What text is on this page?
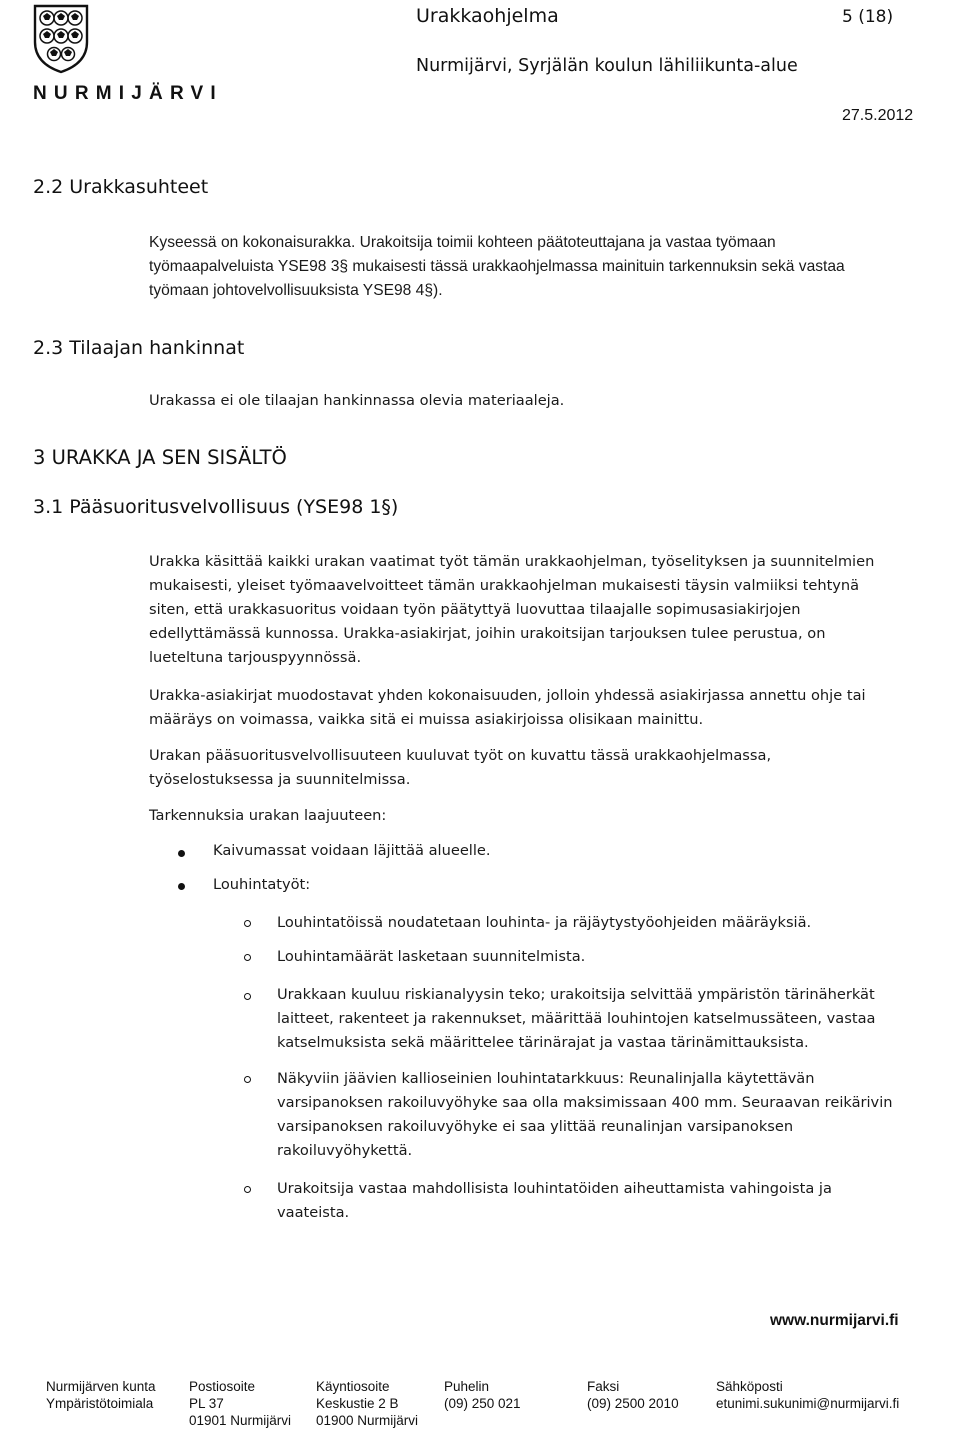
NURMIJÄRVI
Urakkaohjelma	5 (18)
Nurmijärvi, Syrjälän koulun lähiliikunta-alue
27.5.2012
2.2 Urakkasuhteet
Kyseessä on kokonaisurakka. Urakoitsija toimii kohteen päätoteuttajana ja vastaa työmaan
työmaapalveluista YSE98 3§ mukaisesti tässä urakkaohjelmassa mainituin tarkennuksin sekä vastaa
työmaan johtovelvollisuuksista YSE98 4§).
2.3 Tilaajan hankinnat
Urakassa ei ole tilaajan hankinnassa olevia materiaaleja.
3 URAKKA JA SEN SISÄLTÖ
3.1 Pääsuoritusvelvollisuus (YSE98 1§)
Urakka käsittää kaikki urakan vaatimat työt tämän urakkaohjelman, työselityksen ja suunnitelmien
mukaisesti, yleiset työmaavelvoitteet tämän urakkaohjelman mukaisesti täysin valmiiksi tehtynä
siten, että urakkasuoritus voidaan työn päätyttyä luovuttaa tilaajalle sopimusasiakirjojen
edellyttämässä kunnossa. Urakka-asiakirjat, joihin urakoitsijan tarjouksen tulee perustua, on
lueteltuna tarjouspyynnössä.
Urakka-asiakirjat muodostavat yhden kokonaisuuden, jolloin yhdessä asiakirjassa annettu ohje tai
määräys on voimassa, vaikka sitä ei muissa asiakirjoissa olisikaan mainittu.
Urakan pääsuoritusvelvollisuuteen kuuluvat työt on kuvattu tässä urakkaohjelmassa,
työselostuksessa ja suunnitelmissa.
Tarkennuksia urakan laajuuteen:
Kaivumassat voidaan läjittää alueelle.
Louhintatyöt:
Louhintatöissä noudatetaan louhinta- ja räjäytystyöohjeiden määräyksiä.
Louhintamäärät lasketaan suunnitelmista.
Urakkaan kuuluu riskianalyysin teko; urakoitsija selvittää ympäristön tärinäherkät
laitteet, rakenteet ja rakennukset, määrittää louhintojen katselmussäteen, vastaa
katselmuksista sekä määrittelee tärinärajat ja vastaa tärinämittauksista.
Näkyviin jäävien kallioseinien louhintatarkkuus: Reunalinjalla käytettävän
varsipanoksen rakoiluvyöhyke saa olla maksimissaan 400 mm. Seuraavan reikärivin
varsipanoksen rakoiluvyöhyke ei saa ylittää reunalinjan varsipanoksen
rakoiluvyöhykettä.
Urakoitsija vastaa mahdollisista louhintatöiden aiheuttamista vahingoista ja
vaateista.
www.nurmijarvi.fi
Nurmijärven kunta
Ympäristötoimiala
Postiosoite
PL 37
01901 Nurmijärvi
Käyntiosoite
Keskustie 2 B
01900 Nurmijärvi
Puhelin
(09) 250 021
Faksi
(09) 2500 2010
Sähköposti
etunimi.sukunimi@nurmijarvi.fi
